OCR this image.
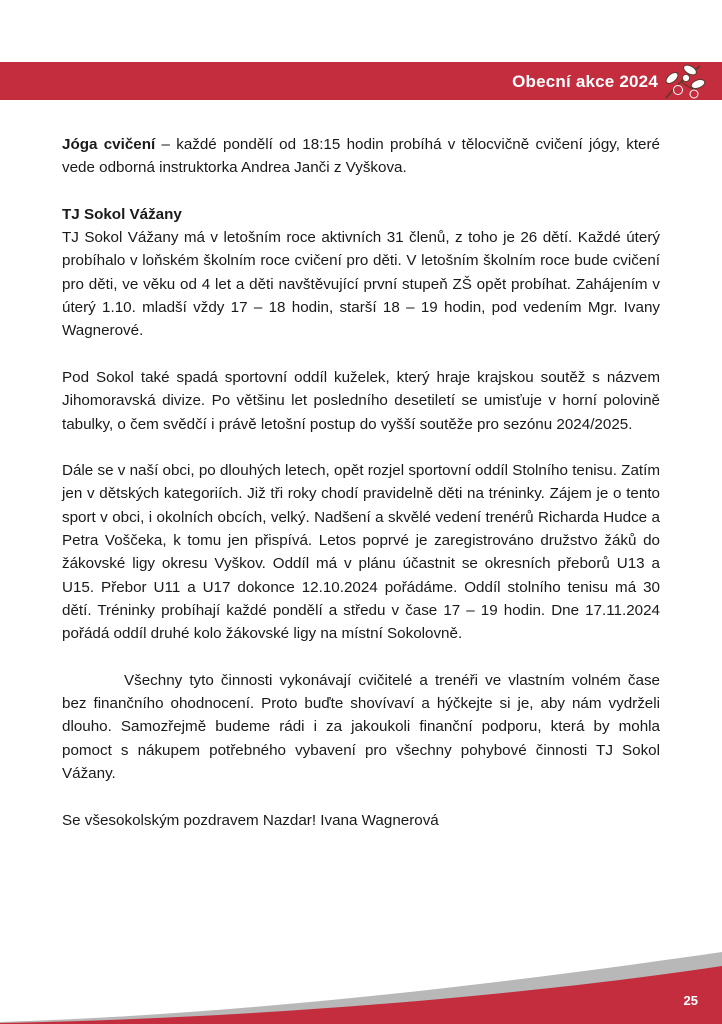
Obecní akce 2024

Jóga cvičení – každé pondělí od 18:15 hodin probíhá v tělocvičně cvičení jógy, které vede odborná instruktorka Andrea Janči z Vyškova.

TJ Sokol Vážany

TJ Sokol Vážany má v letošním roce aktivních 31 členů, z toho je 26 dětí. Každé úterý probíhalo v loňském školním roce cvičení pro děti. V letošním školním roce bude cvičení pro děti, ve věku od 4 let a děti navštěvující první stupeň ZŠ opět probíhat. Zahájením v úterý 1.10. mladší vždy 17 – 18 hodin, starší 18 – 19 hodin, pod vedením Mgr. Ivany Wagnerové.

Pod Sokol také spadá sportovní oddíl kuželek, který hraje krajskou soutěž s názvem Jihomoravská divize. Po většinu let posledního desetiletí se umisťuje v horní polovině tabulky, o čem svědčí i právě letošní postup do vyšší soutěže pro sezónu 2024/2025.

Dále se v naší obci, po dlouhých letech, opět rozjel sportovní oddíl Stolního tenisu. Zatím jen v dětských kategoriích. Již tři roky chodí pravidelně děti na tréninky. Zájem je o tento sport v obci, i okolních obcích, velký. Nadšení a skvělé vedení trenérů Richarda Hudce a Petra Voščeka, k tomu jen přispívá. Letos poprvé je zaregistrováno družstvo žáků do žákovské ligy okresu Vyškov. Oddíl má v plánu účastnit se okresních přeborů U13 a U15. Přebor U11 a U17 dokonce 12.10.2024 pořádáme. Oddíl stolního tenisu má 30 dětí. Tréninky probíhají každé pondělí a středu v čase 17 – 19 hodin. Dne 17.11.2024 pořádá oddíl druhé kolo žákovské ligy na místní Sokolovně.

Všechny tyto činnosti vykonávají cvičitelé a trenéři ve vlastním volném čase bez finančního ohodnocení. Proto buďte shovívaví a hýčkejte si je, aby nám vydrželi dlouho. Samozřejmě budeme rádi i za jakoukoli finanční podporu, která by mohla pomoct s nákupem potřebného vybavení pro všechny pohybové činnosti TJ Sokol Vážany.

Se všesokolským pozdravem Nazdar! Ivana Wagnerová

25
